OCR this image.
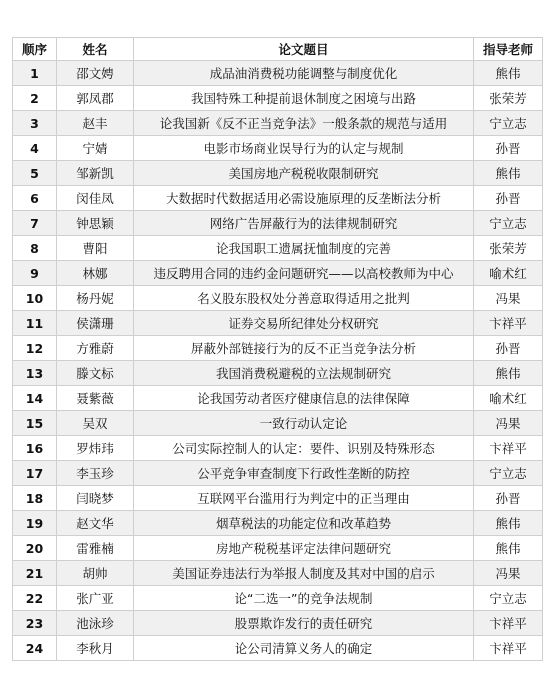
顺序	姓名	论文题目	指导老师
1	邵文娉	成品油消费税功能调整与制度优化	熊伟
2	郭凤郡	我国特殊工种提前退休制度之困境与出路	张荣芳
3	赵丰	论我国新《反不正当竞争法》一般条款的规范与适用	宁立志
4	宁婧	电影市场商业误导行为的认定与规制	孙晋
5	邹新凯	美国房地产税税收限制研究	熊伟
6	闵佳凤	大数据时代数据适用必需设施原理的反垄断法分析	孙晋
7	钟思颖	网络广告屏蔽行为的法律规制研究	宁立志
8	曹阳	论我国职工遗属抚恤制度的完善	张荣芳
9	林娜	违反聘用合同的违约金问题研究——以高校教师为中心	喻术红
10	杨丹妮	名义股东股权处分善意取得适用之批判	冯果
11	侯潇珊	证券交易所纪律处分权研究	卞祥平
12	方雅蔚	屏蔽外部链接行为的反不正当竞争法分析	孙晋
13	滕文标	我国消费税避税的立法规制研究	熊伟
14	聂紫薇	论我国劳动者医疗健康信息的法律保障	喻术红
15	吴双	一致行动认定论	冯果
16	罗炜玮	公司实际控制人的认定：要件、识别及特殊形态	卞祥平
17	李玉珍	公平竞争审查制度下行政性垄断的防控	宁立志
18	闫晓梦	互联网平台滥用行为判定中的正当理由	孙晋
19	赵文华	烟草税法的功能定位和改革趋势	熊伟
20	雷雅楠	房地产税税基评定法律问题研究	熊伟
21	胡帅	美国证券违法行为举报人制度及其对中国的启示	冯果
22	张广亚	论“二选一”的竞争法规制	宁立志
23	池泳珍	股票欺诈发行的责任研究	卞祥平
24	李秋月	论公司清算义务人的确定	卞祥平
